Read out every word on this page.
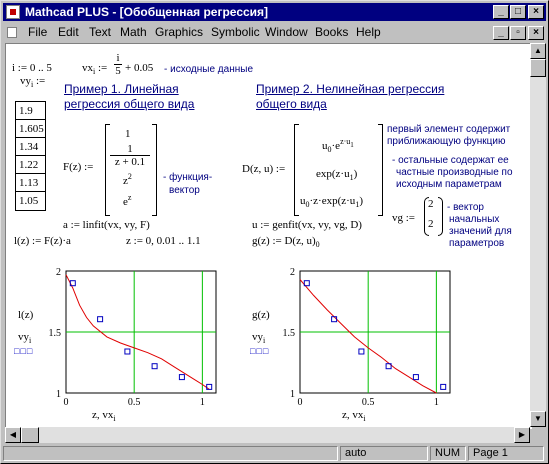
Mathcad PLUS - [Обобщенная регрессия]	_	□	×
File Edit Text Math Graphics Symbolic Window Books Help	_	▫	×
i := 0 .. 5	$vx_i$ := $\frac{i}{5} + 0.05$ - исходные данные
$vy_i$ :=
1.9
1.605
1.34
1.22
1.13
1.05
Пример 1. Линейная
регрессия общего вида
Пример 2. Нелинейная регрессия
общего вида
F(z) :=
1
$\frac{1}{z + 0.1}$
$z^2$
$e^z$
- функция-
вектор
D(z, u) :=
$u_0\cdot e^{z\cdot u}1$
$\exp(z\cdot u_1)$
$u_0\cdot z\cdot\exp(z\cdot u_1)$
первый элемент содержит
приближающую функцию
- остальные содержат ее
частные производные по
исходным параметрам
vg :=
2
2
- вектор
начальных
значений для
параметров
a := linfit(vx, vy, F)	u := genfit(vx, vy, vg, D)
l(z) := F(z)·a	z := 0, 0.01 .. 1.1	g(z) := D(z, $u)_0$
l(z)
$vy_i$
□□□
z, $vx_i$
g(z)
$vy_i$
□□□
z, $vx_i$
2
1.5
1
0	0.5	1
2
1.5
1
0	0.5	1
▲
▼
◀	▶
auto	NUM	Page 1
